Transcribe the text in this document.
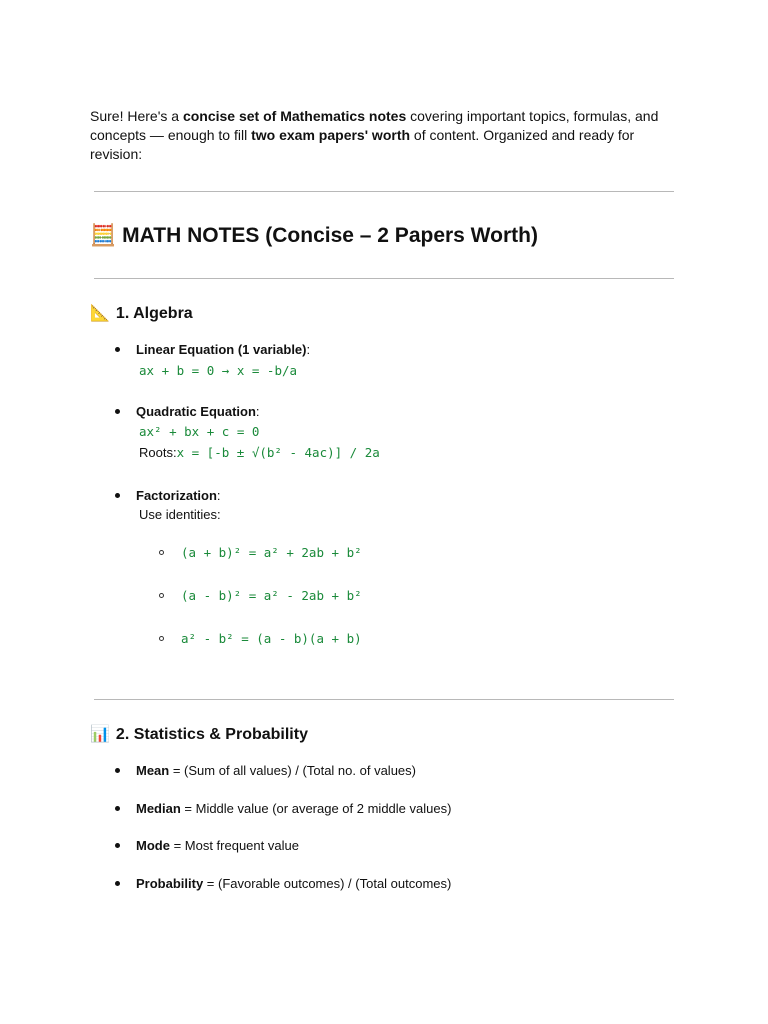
Sure! Here's a concise set of Mathematics notes covering important topics, formulas, and concepts — enough to fill two exam papers' worth of content. Organized and ready for revision:
🧮 MATH NOTES (Concise – 2 Papers Worth)
📐 1. Algebra
Linear Equation (1 variable):
ax + b = 0 → x = -b/a
Quadratic Equation:
ax² + bx + c = 0
Roots: x = [-b ± √(b² - 4ac)] / 2a
Factorization:
Use identities:
(a + b)² = a² + 2ab + b²
(a - b)² = a² - 2ab + b²
a² - b² = (a - b)(a + b)
📊 2. Statistics & Probability
Mean = (Sum of all values) / (Total no. of values)
Median = Middle value (or average of 2 middle values)
Mode = Most frequent value
Probability = (Favorable outcomes) / (Total outcomes)
